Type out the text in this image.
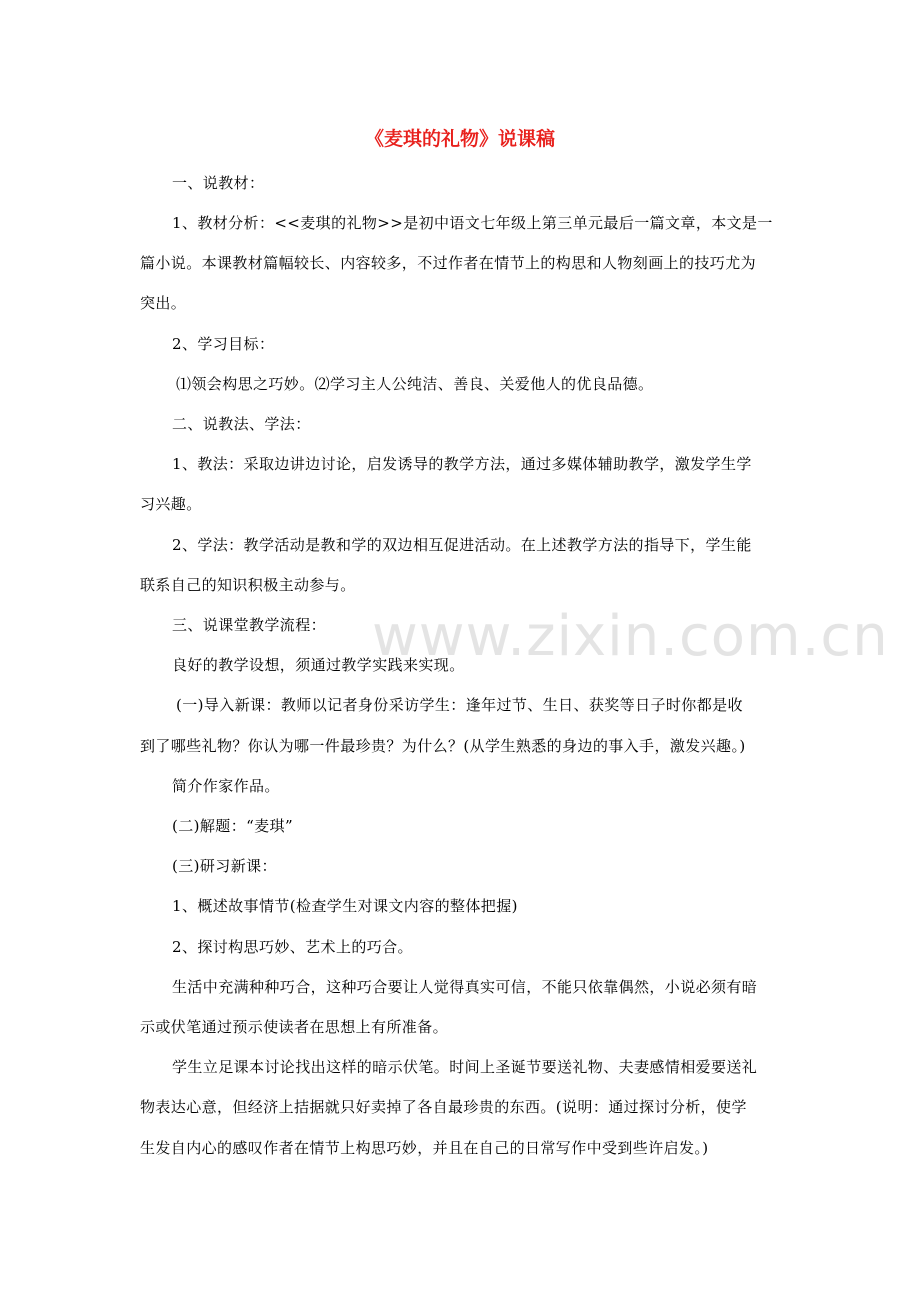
www.zixin.com.cn
《麦琪的礼物》说课稿
一、说教材：
1、教材分析：<<麦琪的礼物>>是初中语文七年级上第三单元最后一篇文章，本文是一
篇小说。本课教材篇幅较长、内容较多，不过作者在情节上的构思和人物刻画上的技巧尤为
突出。
2、学习目标：
⑴领会构思之巧妙。⑵学习主人公纯洁、善良、关爱他人的优良品德。
二、说教法、学法：
1、教法：采取边讲边讨论，启发诱导的教学方法，通过多媒体辅助教学，激发学生学
习兴趣。
2、学法：教学活动是教和学的双边相互促进活动。在上述教学方法的指导下，学生能
联系自己的知识积极主动参与。
三、说课堂教学流程：
良好的教学设想，须通过教学实践来实现。
(一)导入新课：教师以记者身份采访学生：逢年过节、生日、获奖等日子时你都是收
到了哪些礼物？你认为哪一件最珍贵？为什么？(从学生熟悉的身边的事入手，激发兴趣。)
简介作家作品。
(二)解题：“麦琪”
(三)研习新课：
1、概述故事情节(检查学生对课文内容的整体把握)
2、探讨构思巧妙、艺术上的巧合。
生活中充满种种巧合，这种巧合要让人觉得真实可信，不能只依靠偶然，小说必须有暗
示或伏笔通过预示使读者在思想上有所准备。
学生立足课本讨论找出这样的暗示伏笔。时间上圣诞节要送礼物、夫妻感情相爱要送礼
物表达心意，但经济上拮据就只好卖掉了各自最珍贵的东西。(说明：通过探讨分析，使学
生发自内心的感叹作者在情节上构思巧妙，并且在自己的日常写作中受到些许启发。)
